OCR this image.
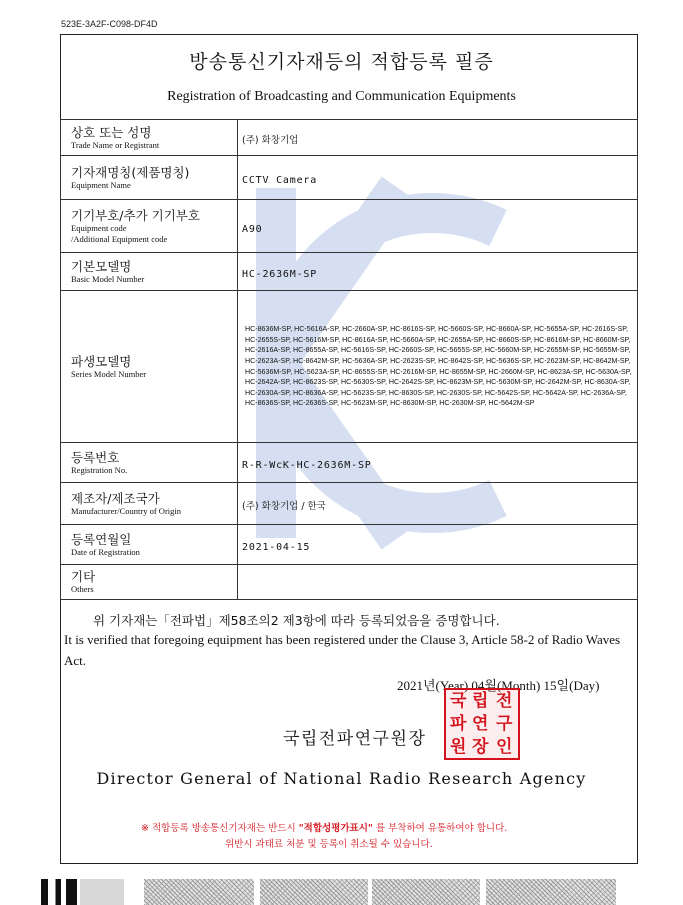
523E-3A2F-C098-DF4D
방송통신기자재등의 적합등록 필증
Registration of Broadcasting and Communication Equipments
상호 또는 성명
Trade Name or Registrant	(주) 화창기업

기자재명칭(제품명칭)
Equipment Name	CCTV Camera

기기부호/추가 기기부호
Equipment code
/Additional Equipment code	A90

기본모델명
Basic Model Number	HC-2636M-SP

파생모델명
Series Model Number	HC-8636M-SP, HC-5616A-SP, HC-2660A-SP, HC-8616S-SP, HC-5660S-SP, HC-8660A-SP, HC-5655A-SP, HC-2616S-SP, HC-2655S-SP, HC-5616M-SP, HC-8616A-SP, HC-5660A-SP, HC-2655A-SP, HC-8660S-SP, HC-8616M-SP, HC-8660M-SP, HC-2616A-SP, HC-8655A-SP, HC-5616S-SP, HC-2660S-SP, HC-5655S-SP, HC-5660M-SP, HC-2655M-SP, HC-5655M-SP, HC-2623A-SP, HC-8642M-SP, HC-5636A-SP, HC-2623S-SP, HC-8642S-SP, HC-5636S-SP, HC-2623M-SP, HC-8642M-SP, HC-5636M-SP, HC-5623A-SP, HC-8655S-SP, HC-2616M-SP, HC-8655M-SP, HC-2660M-SP, HC-8623A-SP, HC-5630A-SP, HC-2642A-SP, HC-8623S-SP, HC-5630S-SP, HC-2642S-SP, HC-8623M-SP, HC-5630M-SP, HC-2642M-SP, HC-8630A-SP, HC-2630A-SP, HC-8636A-SP, HC-5623S-SP, HC-8630S-SP, HC-2630S-SP, HC-5642S-SP, HC-5642A-SP, HC-2636A-SP, HC-8636S-SP, HC-2636S-SP, HC-5623M-SP, HC-8630M-SP, HC-2630M-SP, HC-5642M-SP

등록번호
Registration No.	R-R-WcK-HC-2636M-SP

제조자/제조국가
Manufacturer/Country of Origin	(주) 화창기업 / 한국

등록연월일
Date of Registration	2021-04-15

기타
Others	

위 기자재는「전파법」제58조의2 제3항에 따라 등록되었음을 증명합니다.
It is verified that foregoing equipment has been registered under the Clause 3, Article 58-2 of Radio Waves Act.
2021년(Year) 04월(Month) 15일(Day)
국립전파연구원장
국 립 전
파 연 구
원 장 인
Director General of National Radio Research Agency
※ 적합등록 방송통신기자재는 반드시 "적합성평가표시" 를 부착하여 유통하여야 합니다.
위반시 과태료 처분 및 등록이 취소될 수 있습니다.
